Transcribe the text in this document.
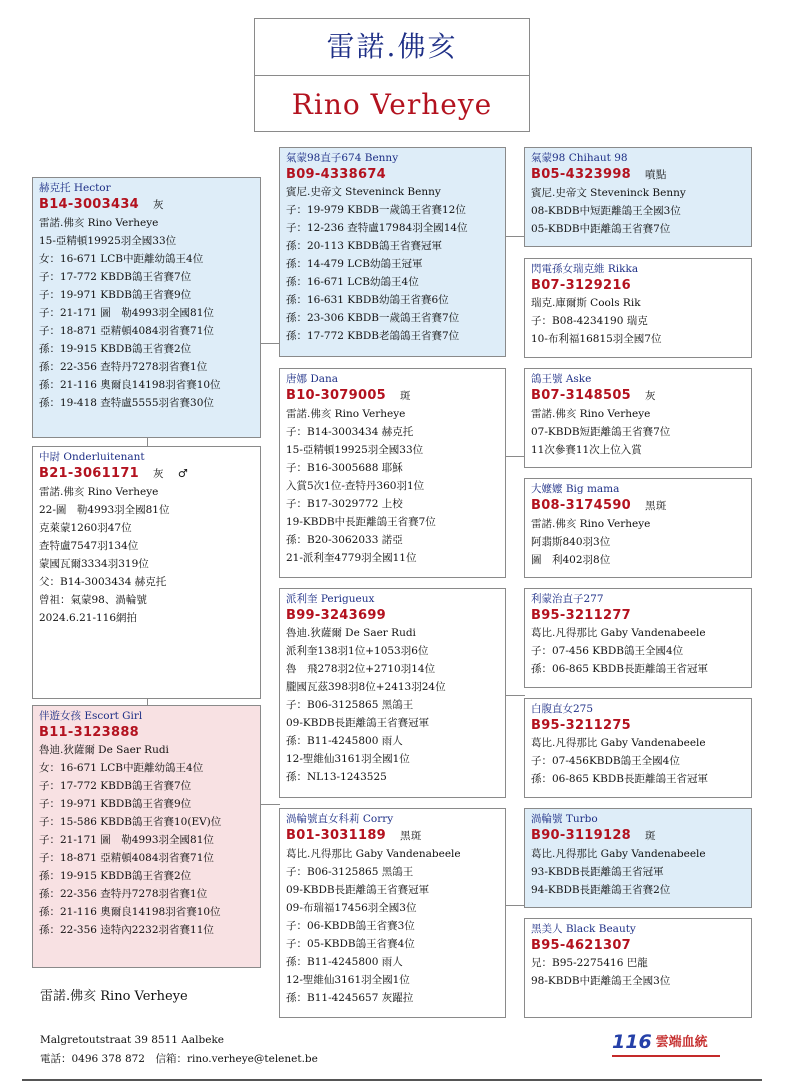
雷諾.佛亥
Rino Verheye
赫克托 Hector
B14-3003434 灰
雷諾.佛亥 Rino Verheye
15-亞精頓19925羽全國33位
女：16-671 LCB中距離幼鴿王4位
子：17-772 KBDB鴿王省賽7位
子：19-971 KBDB鴿王省賽9位
子：21-171 圖　勒4993羽全國81位
子：18-871 亞精頓4084羽省賽71位
孫：19-915 KBDB鴿王省賽2位
孫：22-356 查特丹7278羽省賽1位
孫：21-116 奧爾良14198羽省賽10位
孫：19-418 查特盧5555羽省賽30位
中尉 Onderluitenant
B21-3061171 灰 ♂
雷諾.佛亥 Rino Verheye
22-圖　勒4993羽全國81位
克萊蒙1260羽47位
查特盧7547羽134位
蒙國瓦爾3334羽319位
父：B14-3003434 赫克托
曾祖：氣蒙98、渦輪號
2024.6.21-116網拍
伴遊女孩 Escort Girl
B11-3123888
魯迪.狄薩爾 De Saer Rudi
女：16-671 LCB中距離幼鴿王4位
子：17-772 KBDB鴿王省賽7位
子：19-971 KBDB鴿王省賽9位
子：15-586 KBDB鴿王省賽10(EV)位
子：21-171 圖　勒4993羽全國81位
子：18-871 亞精頓4084羽省賽71位
孫：19-915 KBDB鴿王省賽2位
孫：22-356 查特丹7278羽省賽1位
孫：21-116 奧爾良14198羽省賽10位
孫：22-356 逵特內2232羽省賽11位
氣蒙98直子674 Benny
B09-4338674
賓尼.史帝文 Steveninck Benny
子：19-979 KBDB一歲鴿王省賽12位
子：12-236 查特盧17984羽全國14位
孫：20-113 KBDB鴿王省賽冠軍
孫：14-479 LCB幼鴿王冠軍
孫：16-671 LCB幼鴿王4位
孫：16-631 KBDB幼鴿王省賽6位
孫：23-306 KBDB一歲鴿王省賽7位
孫：17-772 KBDB老鴿鴿王省賽7位
唐娜 Dana
B10-3079005 斑
雷諾.佛亥 Rino Verheye
子：B14-3003434 赫克托
15-亞精頓19925羽全國33位
子：B16-3005688 耶穌
入賞5次1位-查特丹360羽1位
子：B17-3029772 上校
19-KBDB中長距離鴿王省賽7位
孫：B20-3062033 諾亞
21-派利奎4779羽全國11位
派利奎 Perigueux
B99-3243699
魯迪.狄薩爾 De Saer Rudi
派利奎138羽1位+1053羽6位
魯　飛278羽2位+2710羽14位
朧國瓦茲398羽8位+2413羽24位
子：B06-3125865 黑鴿王
09-KBDB長距離鴿王省賽冠軍
孫：B11-4245800 雨人
12-聖維仙3161羽全國1位
孫：NL13-1243525
渦輪號直女科莉 Corry
B01-3031189 黑斑
葛比.凡得那比 Gaby Vandenabeele
子：B06-3125865 黑鴿王
09-KBDB長距離鴿王省賽冠軍
09-布瑞福17456羽全國3位
子：06-KBDB鴿王省賽3位
子：05-KBDB鴿王省賽4位
孫：B11-4245800 雨人
12-聖維仙3161羽全國1位
孫：B11-4245657 灰躍拉
氣蒙98 Chihaut 98
B05-4323998 噴點
賓尼.史帝文 Steveninck Benny
08-KBDB中短距離鴿王全國3位
05-KBDB中距離鴿王省賽7位
閃電孫女瑞克維 Rikka
B07-3129216
瑞克.庫爾斯 Cools Rik
子：B08-4234190 瑞克
10-布利福16815羽全國7位
鴿王號 Aske
B07-3148505 灰
雷諾.佛亥 Rino Verheye
07-KBDB短距離鴿王省賽7位
11次參賽11次上位入賞
大嬤嬤 Big mama
B08-3174590 黑斑
雷諾.佛亥 Rino Verheye
阿翡斯840羽3位
圖　利402羽8位
利蒙治直子277
B95-3211277
葛比.凡得那比 Gaby Vandenabeele
子：07-456 KBDB鴿王全國4位
孫：06-865 KBDB長距離鴿王省冠軍
白腹直女275
B95-3211275
葛比.凡得那比 Gaby Vandenabeele
子：07-456KBDB鴿王全國4位
孫：06-865 KBDB長距離鴿王省冠軍
渦輪號 Turbo
B90-3119128 斑
葛比.凡得那比 Gaby Vandenabeele
93-KBDB長距離鴿王省冠軍
94-KBDB長距離鴿王省賽2位
黑美人 Black Beauty
B95-4621307
兄：B95-2275416 巴龍
98-KBDB中距離鴿王全國3位
雷諾.佛亥 Rino Verheye
Malgretoutstraat 39 8511 Aalbeke
電話：0496 378 872　信箱：rino.verheye@telenet.be
116 雲端血統
